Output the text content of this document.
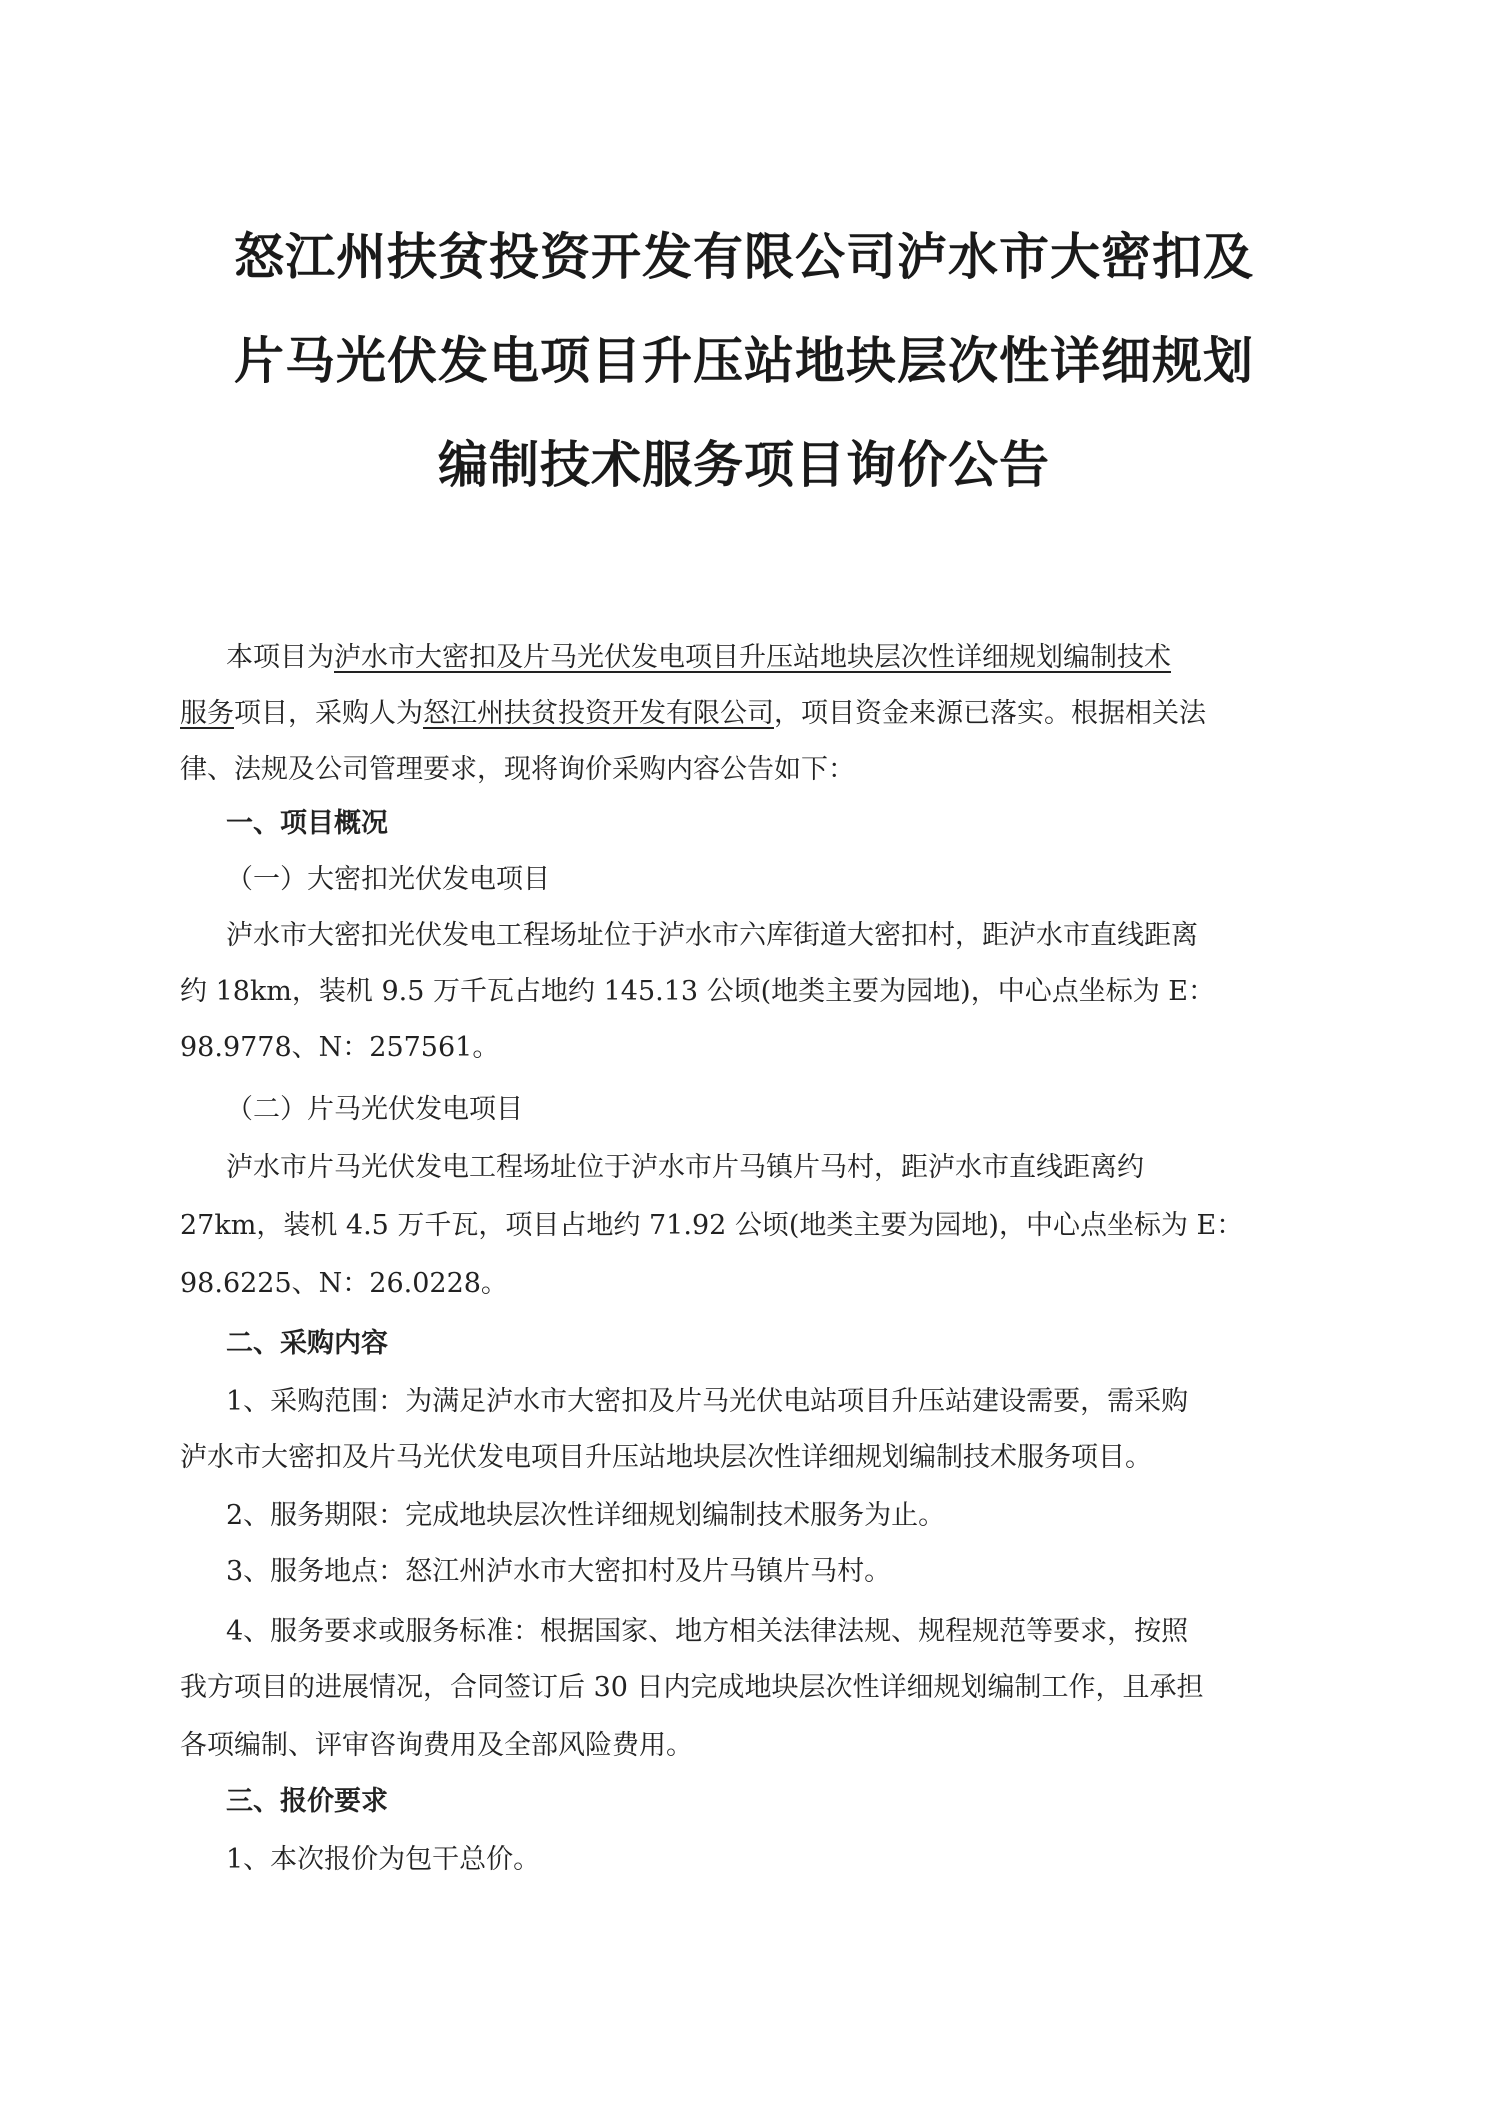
怒江州扶贫投资开发有限公司泸水市大密扣及
片马光伏发电项目升压站地块层次性详细规划
编制技术服务项目询价公告
本项目为泸水市大密扣及片马光伏发电项目升压站地块层次性详细规划编制技术
服务项目，采购人为怒江州扶贫投资开发有限公司，项目资金来源已落实。根据相关法
律、法规及公司管理要求，现将询价采购内容公告如下：
一、项目概况
（一）大密扣光伏发电项目
泸水市大密扣光伏发电工程场址位于泸水市六库街道大密扣村，距泸水市直线距离
约 18km，装机 9.5 万千瓦占地约 145.13 公顷(地类主要为园地)，中心点坐标为 E：
98.9778、N：257561。
（二）片马光伏发电项目
泸水市片马光伏发电工程场址位于泸水市片马镇片马村，距泸水市直线距离约
27km，装机 4.5 万千瓦，项目占地约 71.92 公顷(地类主要为园地)，中心点坐标为 E：
98.6225、N：26.0228。
二、采购内容
1、采购范围：为满足泸水市大密扣及片马光伏电站项目升压站建设需要，需采购
泸水市大密扣及片马光伏发电项目升压站地块层次性详细规划编制技术服务项目。
2、服务期限：完成地块层次性详细规划编制技术服务为止。
3、服务地点：怒江州泸水市大密扣村及片马镇片马村。
4、服务要求或服务标准：根据国家、地方相关法律法规、规程规范等要求，按照
我方项目的进展情况，合同签订后 30 日内完成地块层次性详细规划编制工作，且承担
各项编制、评审咨询费用及全部风险费用。
三、报价要求
1、本次报价为包干总价。
